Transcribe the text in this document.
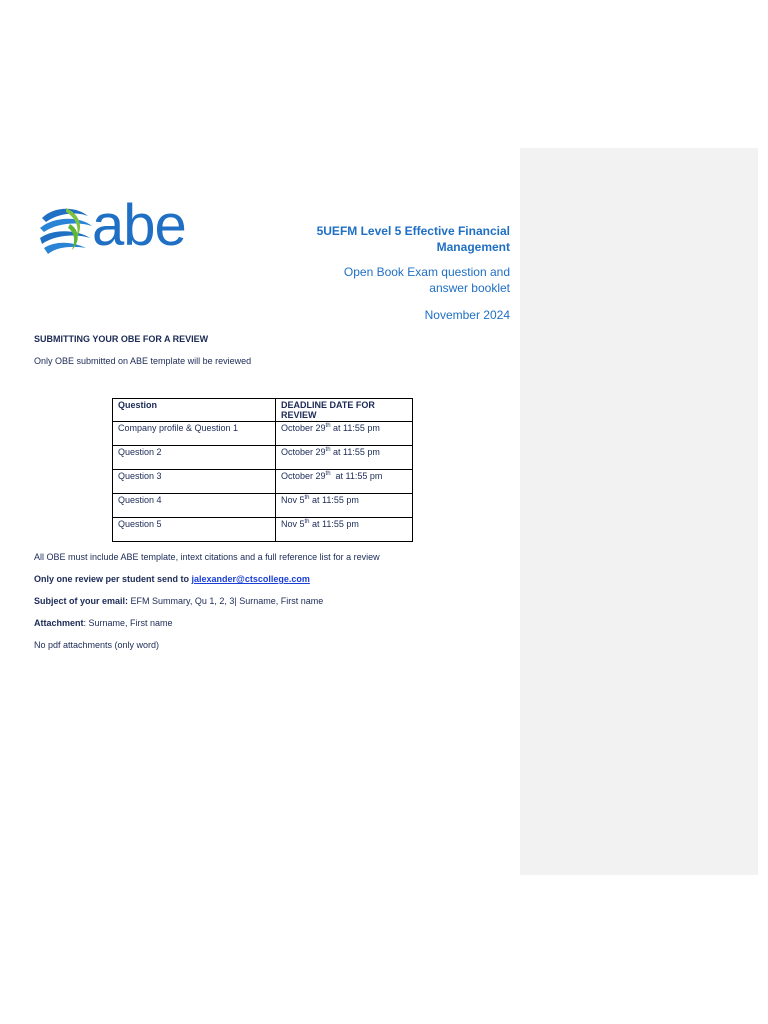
abe	5UEFM Level 5 Effective Financial Management
Open Book Exam question and answer booklet
November 2024
SUBMITTING YOUR OBE FOR A REVIEW
Only OBE submitted on ABE template will be reviewed
Question	DEADLINE DATE FOR REVIEW
Company profile & Question 1	October 29th at 11:55 pm
Question 2	October 29th at 11:55 pm
Question 3	October 29th  at 11:55 pm
Question 4	Nov 5th at 11:55 pm
Question 5	Nov 5th at 11:55 pm
All OBE must include ABE template, intext citations and a full reference list for a review
Only one review per student send to jalexander@ctscollege.com
Subject of your email: EFM Summary, Qu 1, 2, 3| Surname, First name
Attachment: Surname, First name
No pdf attachments (only word)
